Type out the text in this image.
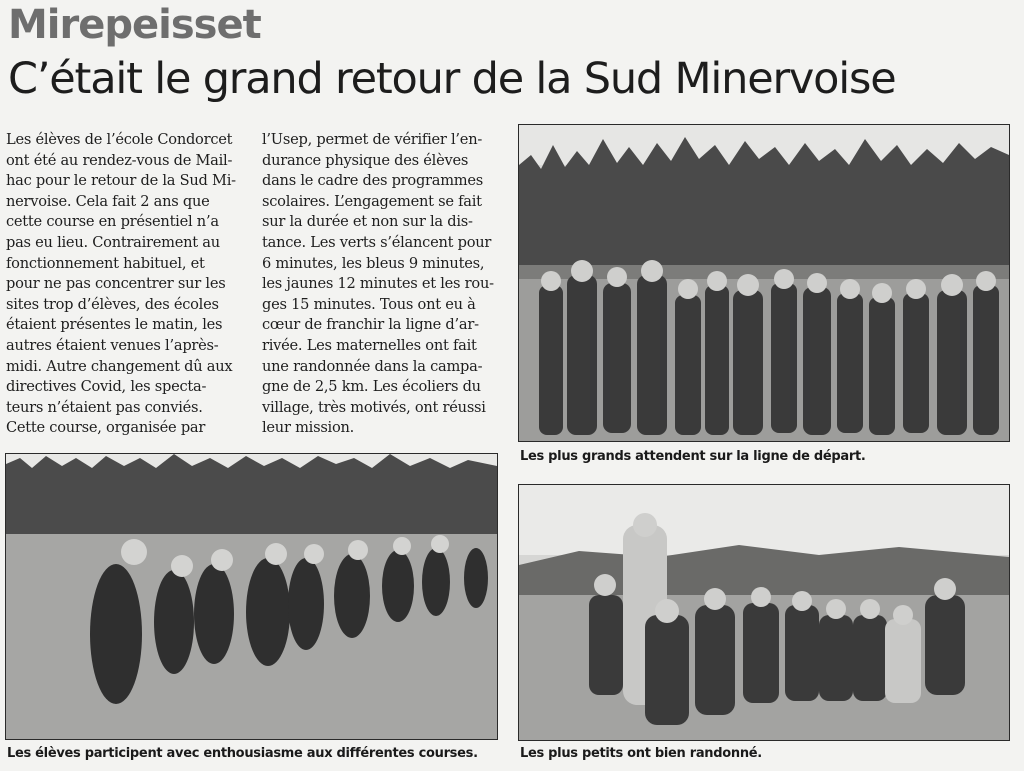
Mirepeisset
C’était le grand retour de la Sud Minervoise
Les élèves de l’école Condorcet
ont été au rendez-vous de Mail-
hac pour le retour de la Sud Mi-
nervoise. Cela fait 2 ans que
cette course en présentiel n’a
pas eu lieu. Contrairement au
fonctionnement habituel, et
pour ne pas concentrer sur les
sites trop d’élèves, des écoles
étaient présentes le matin, les
autres étaient venues l’après-
midi. Autre changement dû aux
directives Covid, les specta-
teurs n’étaient pas conviés.
Cette course, organisée par
l’Usep, permet de vérifier l’en-
durance physique des élèves
dans le cadre des programmes
scolaires. L’engagement se fait
sur la durée et non sur la dis-
tance. Les verts s’élancent pour
6 minutes, les bleus 9 minutes,
les jaunes 12 minutes et les rou-
ges 15 minutes. Tous ont eu à
cœur de franchir la ligne d’ar-
rivée. Les maternelles ont fait
une randonnée dans la campa-
gne de 2,5 km. Les écoliers du
village, très motivés, ont réussi
leur mission.
Les plus grands attendent sur la ligne de départ.
Les élèves participent avec enthousiasme aux différentes courses.	Les plus petits ont bien randonné.
